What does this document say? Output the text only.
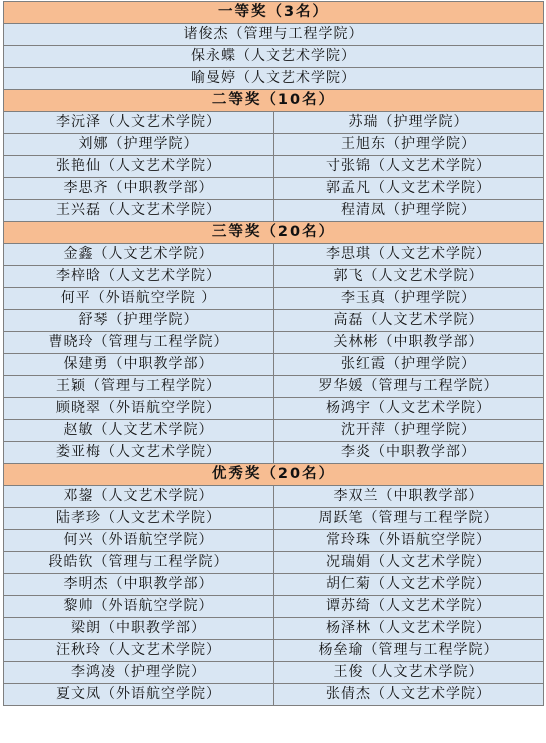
一等奖（3名）
诸俊杰（管理与工程学院）
保永蝶（人文艺术学院）
喻曼婷（人文艺术学院）
二等奖（10名）
李沅泽（人文艺术学院）	苏瑞（护理学院）
刘娜（护理学院）	王旭东（护理学院）
张艳仙（人文艺术学院）	寸张锦（人文艺术学院）
李思齐（中职教学部）	郭孟凡（人文艺术学院）
王兴磊（人文艺术学院）	程清凤（护理学院）
三等奖（20名）
金鑫（人文艺术学院）	李思琪（人文艺术学院）
李梓晗（人文艺术学院）	郭飞（人文艺术学院）
何平（外语航空学院 ）	李玉真（护理学院）
舒琴（护理学院）	高磊（人文艺术学院）
曹晓玲（管理与工程学院）	关林彬（中职教学部）
保建勇（中职教学部）	张红霞（护理学院）
王颖（管理与工程学院）	罗华媛（管理与工程学院）
顾晓翠（外语航空学院）	杨鸿宇（人文艺术学院）
赵敏（人文艺术学院）	沈开萍（护理学院）
娄亚梅（人文艺术学院）	李炎（中职教学部）
优秀奖（20名）
邓鋆（人文艺术学院）	李双兰（中职教学部）
陆孝珍（人文艺术学院）	周跃笔（管理与工程学院）
何兴（外语航空学院）	常玲珠（外语航空学院）
段皓钦（管理与工程学院）	况瑞娟（人文艺术学院）
李明杰（中职教学部）	胡仁菊（人文艺术学院）
黎帅（外语航空学院）	谭苏绮（人文艺术学院）
梁朗（中职教学部）	杨泽林（人文艺术学院）
汪秋玲（人文艺术学院）	杨垒瑜（管理与工程学院）
李鸿凌（护理学院）	王俊（人文艺术学院）
夏文凤（外语航空学院）	张倩杰（人文艺术学院）
